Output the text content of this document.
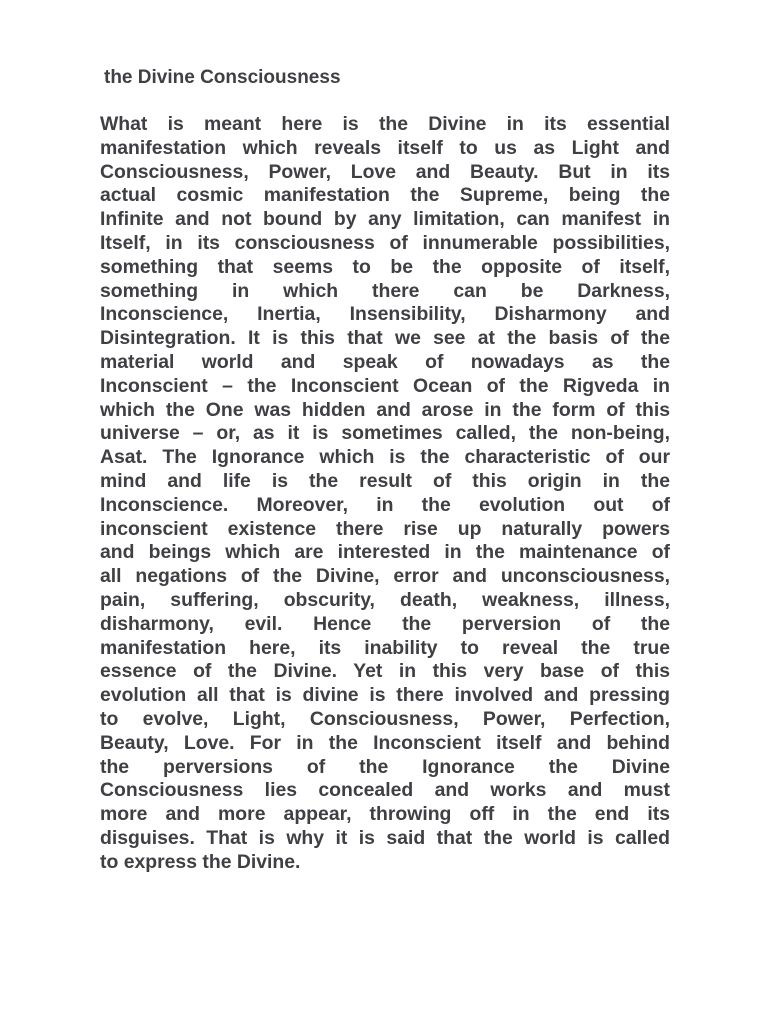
the Divine Consciousness
What is meant here is the Divine in its essential
manifestation which reveals itself to us as Light and
Consciousness, Power, Love and Beauty. But in its
actual cosmic manifestation the Supreme, being the
Infinite and not bound by any limitation, can manifest in
Itself, in its consciousness of innumerable possibilities,
something that seems to be the opposite of itself,
something in which there can be Darkness,
Inconscience, Inertia, Insensibility, Disharmony and
Disintegration. It is this that we see at the basis of the
material world and speak of nowadays as the
Inconscient – the Inconscient Ocean of the Rigveda in
which the One was hidden and arose in the form of this
universe – or, as it is sometimes called, the non-being,
Asat. The Ignorance which is the characteristic of our
mind and life is the result of this origin in the
Inconscience. Moreover, in the evolution out of
inconscient existence there rise up naturally powers
and beings which are interested in the maintenance of
all negations of the Divine, error and unconsciousness,
pain, suffering, obscurity, death, weakness, illness,
disharmony, evil. Hence the perversion of the
manifestation here, its inability to reveal the true
essence of the Divine. Yet in this very base of this
evolution all that is divine is there involved and pressing
to evolve, Light, Consciousness, Power, Perfection,
Beauty, Love. For in the Inconscient itself and behind
the perversions of the Ignorance the Divine
Consciousness lies concealed and works and must
more and more appear, throwing off in the end its
disguises. That is why it is said that the world is called
to express the Divine.
